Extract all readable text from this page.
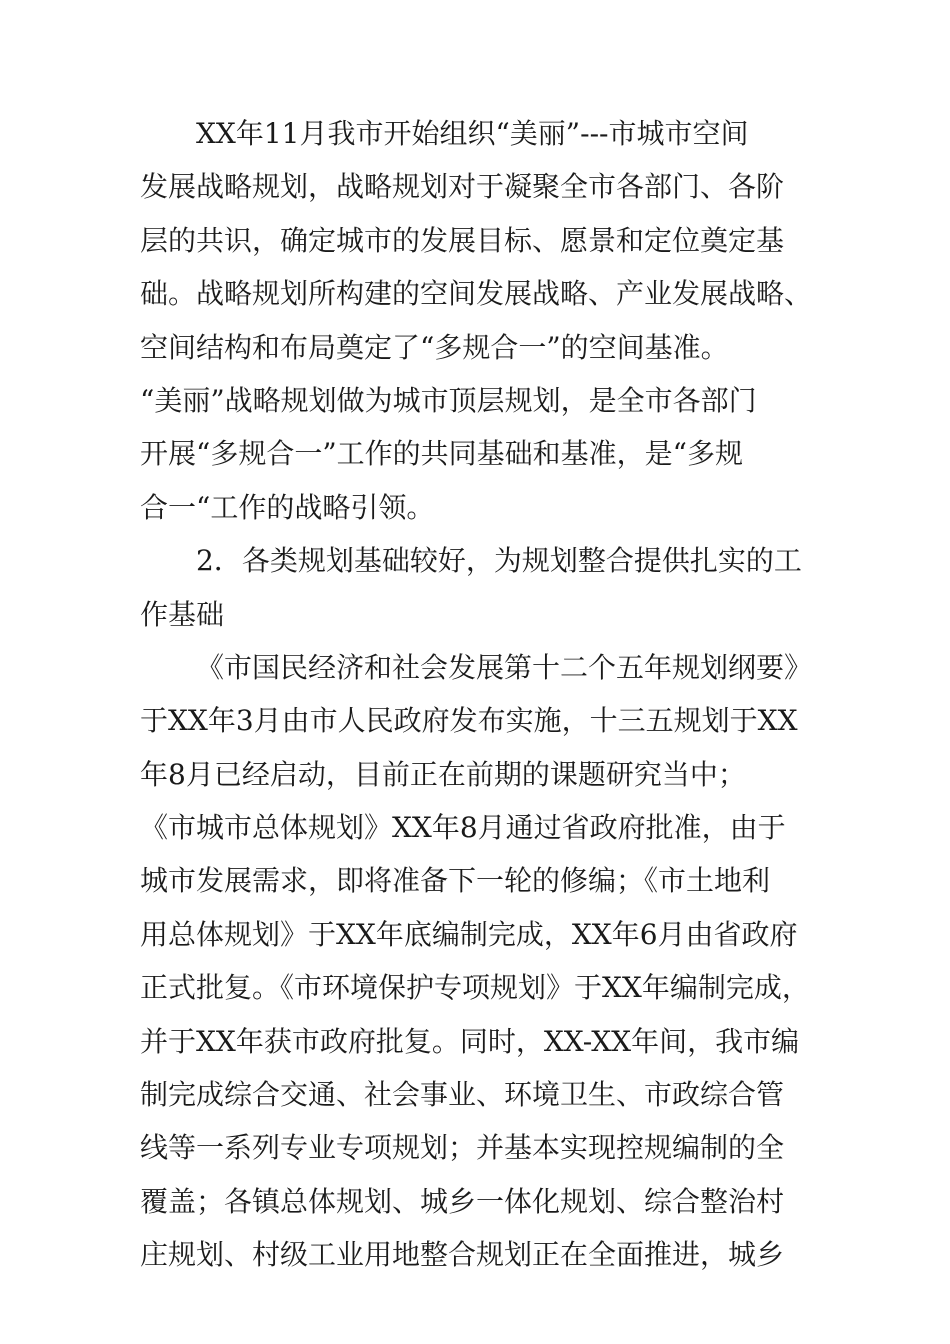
XX年11月我市开始组织“美丽”---市城市空间
发展战略规划，战略规划对于凝聚全市各部门、各阶
层的共识，确定城市的发展目标、愿景和定位奠定基
础。战略规划所构建的空间发展战略、产业发展战略、
空间结构和布局奠定了“多规合一”的空间基准。
“美丽”战略规划做为城市顶层规划，是全市各部门
开展“多规合一”工作的共同基础和基准，是“多规
合一“工作的战略引领。
2．各类规划基础较好，为规划整合提供扎实的工
作基础
《市国民经济和社会发展第十二个五年规划纲要》
于XX年3月由市人民政府发布实施，十三五规划于XX
年8月已经启动，目前正在前期的课题研究当中；
《市城市总体规划》XX年8月通过省政府批准，由于
城市发展需求，即将准备下一轮的修编；《市土地利
用总体规划》于XX年底编制完成，XX年6月由省政府
正式批复。《市环境保护专项规划》于XX年编制完成，
并于XX年获市政府批复。同时，XX-XX年间，我市编
制完成综合交通、社会事业、环境卫生、市政综合管
线等一系列专业专项规划；并基本实现控规编制的全
覆盖；各镇总体规划、城乡一体化规划、综合整治村
庄规划、村级工业用地整合规划正在全面推进，城乡
